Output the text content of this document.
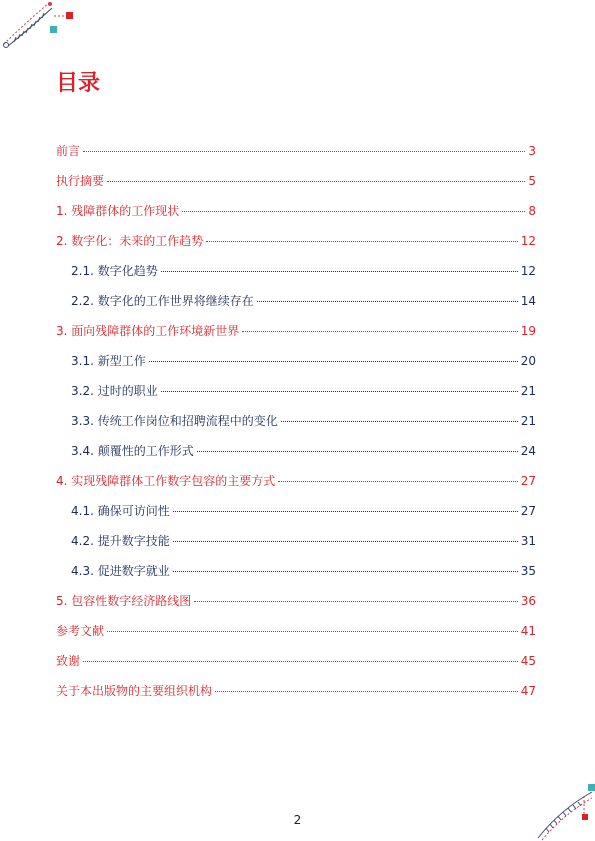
目录
前言	3
执行摘要	5
1. 残障群体的工作现状	8
2. 数字化：未来的工作趋势	12
2.1. 数字化趋势	12
2.2. 数字化的工作世界将继续存在	14
3. 面向残障群体的工作环境新世界	19
3.1. 新型工作	20
3.2. 过时的职业	21
3.3. 传统工作岗位和招聘流程中的变化	21
3.4. 颠覆性的工作形式	24
4. 实现残障群体工作数字包容的主要方式	27
4.1. 确保可访问性	27
4.2. 提升数字技能	31
4.3. 促进数字就业	35
5. 包容性数字经济路线图	36
参考文献	41
致谢	45
关于本出版物的主要组织机构	47
2
